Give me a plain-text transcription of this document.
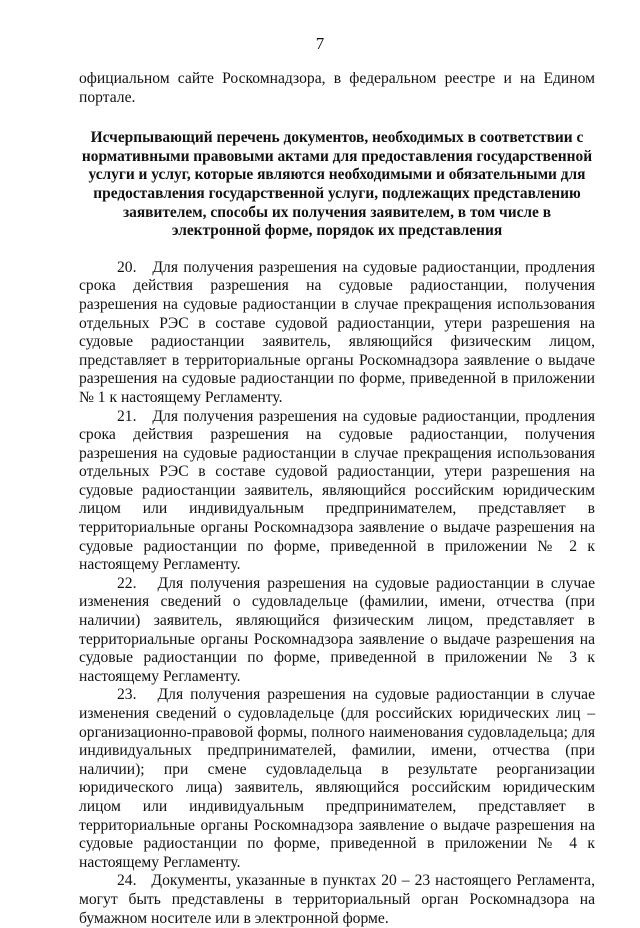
7

официальном сайте Роскомнадзора, в федеральном реестре и на Едином портале.

Исчерпывающий перечень документов, необходимых в соответствии с нормативными правовыми актами для предоставления государственной услуги и услуг, которые являются необходимыми и обязательными для предоставления государственной услуги, подлежащих представлению заявителем, способы их получения заявителем, в том числе в электронной форме, порядок их представления

20.   Для получения разрешения на судовые радиостанции, продления срока действия разрешения на судовые радиостанции, получения разрешения на судовые радиостанции в случае прекращения использования отдельных РЭС в составе судовой радиостанции, утери разрешения на судовые радиостанции заявитель, являющийся физическим лицом, представляет в территориальные органы Роскомнадзора заявление о выдаче разрешения на судовые радиостанции по форме, приведенной в приложении № 1 к настоящему Регламенту.

21.   Для получения разрешения на судовые радиостанции, продления срока действия разрешения на судовые радиостанции, получения разрешения на судовые радиостанции в случае прекращения использования отдельных РЭС в составе судовой радиостанции, утери разрешения на судовые радиостанции заявитель, являющийся российским юридическим лицом или индивидуальным предпринимателем, представляет в территориальные органы Роскомнадзора заявление о выдаче разрешения на судовые радиостанции по форме, приведенной в приложении № 2 к настоящему Регламенту.

22.   Для получения разрешения на судовые радиостанции в случае изменения сведений о судовладельце (фамилии, имени, отчества (при наличии) заявитель, являющийся физическим лицом, представляет в территориальные органы Роскомнадзора заявление о выдаче разрешения на судовые радиостанции по форме, приведенной в приложении № 3 к настоящему Регламенту.

23.   Для получения разрешения на судовые радиостанции в случае изменения сведений о судовладельце (для российских юридических лиц – организационно-правовой формы, полного наименования судовладельца; для индивидуальных предпринимателей, фамилии, имени, отчества (при наличии); при смене судовладельца в результате реорганизации юридического лица) заявитель, являющийся российским юридическим лицом или индивидуальным предпринимателем, представляет в территориальные органы Роскомнадзора заявление о выдаче разрешения на судовые радиостанции по форме, приведенной в приложении № 4 к настоящему Регламенту.

24.   Документы, указанные в пунктах 20 – 23 настоящего Регламента, могут быть представлены в территориальный орган Роскомнадзора на бумажном носителе или в электронной форме.
